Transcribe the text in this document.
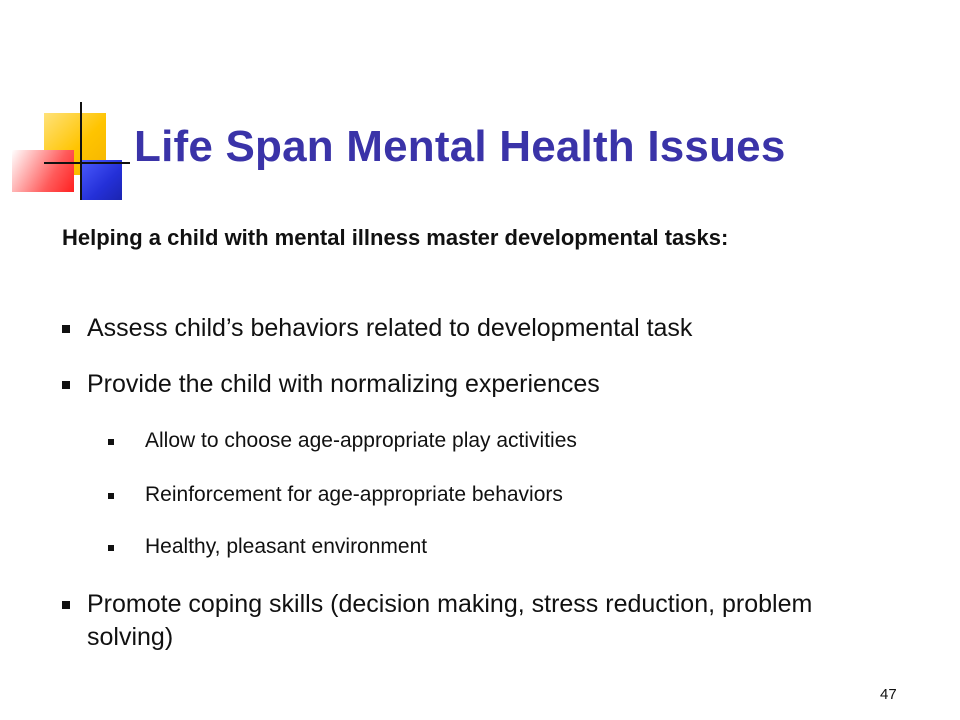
Life Span Mental Health Issues
Helping a child with mental illness master developmental tasks:
Assess child’s behaviors related to developmental task
Provide the child with normalizing experiences
Allow to choose age-appropriate play activities
Reinforcement for age-appropriate behaviors
Healthy, pleasant environment
Promote coping skills (decision making, stress reduction, problem solving)
47
